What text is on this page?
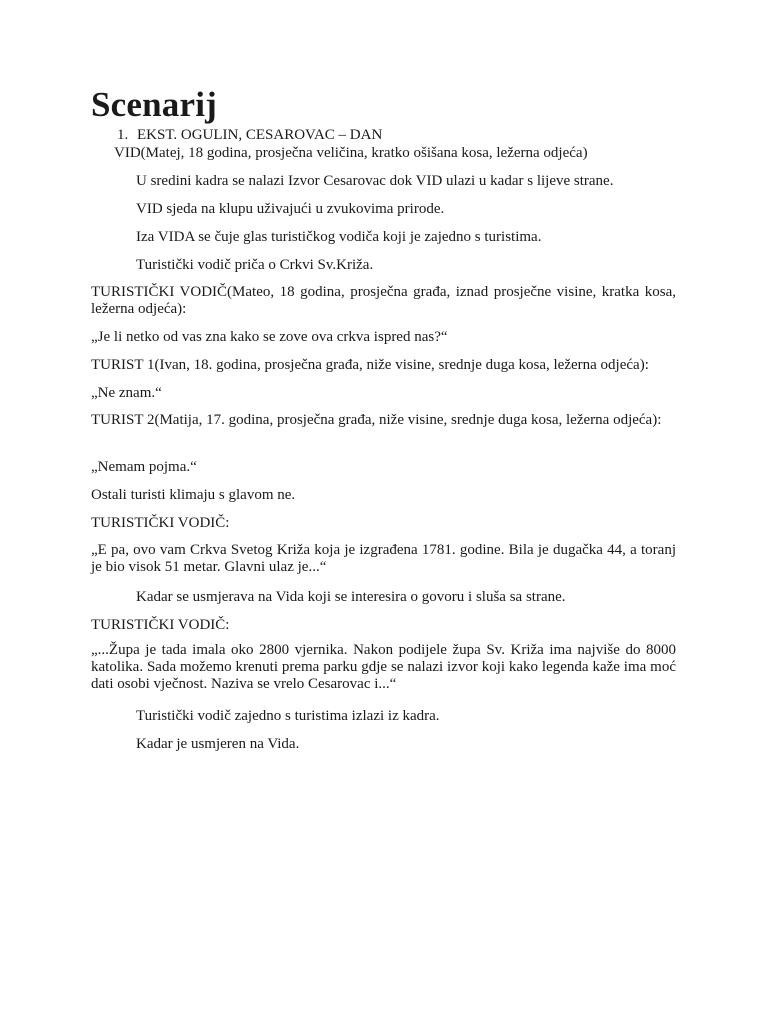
Scenarij
1. EKST. OGULIN, CESAROVAC – DAN
VID(Matej, 18 godina, prosječna veličina, kratko ošišana kosa, ležerna odjeća)
U sredini kadra se nalazi Izvor Cesarovac dok VID ulazi u kadar s lijeve strane.
VID sjeda na klupu uživajući u zvukovima prirode.
Iza VIDA se čuje glas turističkog vodiča koji je zajedno s turistima.
Turistički vodič priča o Crkvi Sv.Križa.
TURISTIČKI VODIČ(Mateo, 18 godina, prosječna građa, iznad prosječne visine, kratka kosa, ležerna odjeća):
„Je li netko od vas zna kako se zove ova crkva ispred nas?“
TURIST 1(Ivan, 18. godina, prosječna građa, niže visine, srednje duga kosa, ležerna odjeća):
„Ne znam.“
TURIST 2(Matija, 17. godina, prosječna građa, niže visine, srednje duga kosa, ležerna odjeća):
„Nemam pojma.“
Ostali turisti klimaju s glavom ne.
TURISTIČKI VODIČ:
„E pa, ovo vam Crkva Svetog Križa koja je izgrađena 1781. godine. Bila je dugačka 44, a toranj je bio visok 51 metar. Glavni ulaz je...“
Kadar se usmjerava na Vida koji se interesira o govoru i sluša sa strane.
TURISTIČKI VODIČ:
„...Župa je tada imala oko 2800 vjernika. Nakon podijele župa Sv. Križa ima najviše do 8000 katolika. Sada možemo krenuti prema parku gdje se nalazi izvor koji kako legenda kaže ima moć dati osobi vječnost. Naziva se vrelo Cesarovac i...“
Turistički vodič zajedno s turistima izlazi iz kadra.
Kadar je usmjeren na Vida.
